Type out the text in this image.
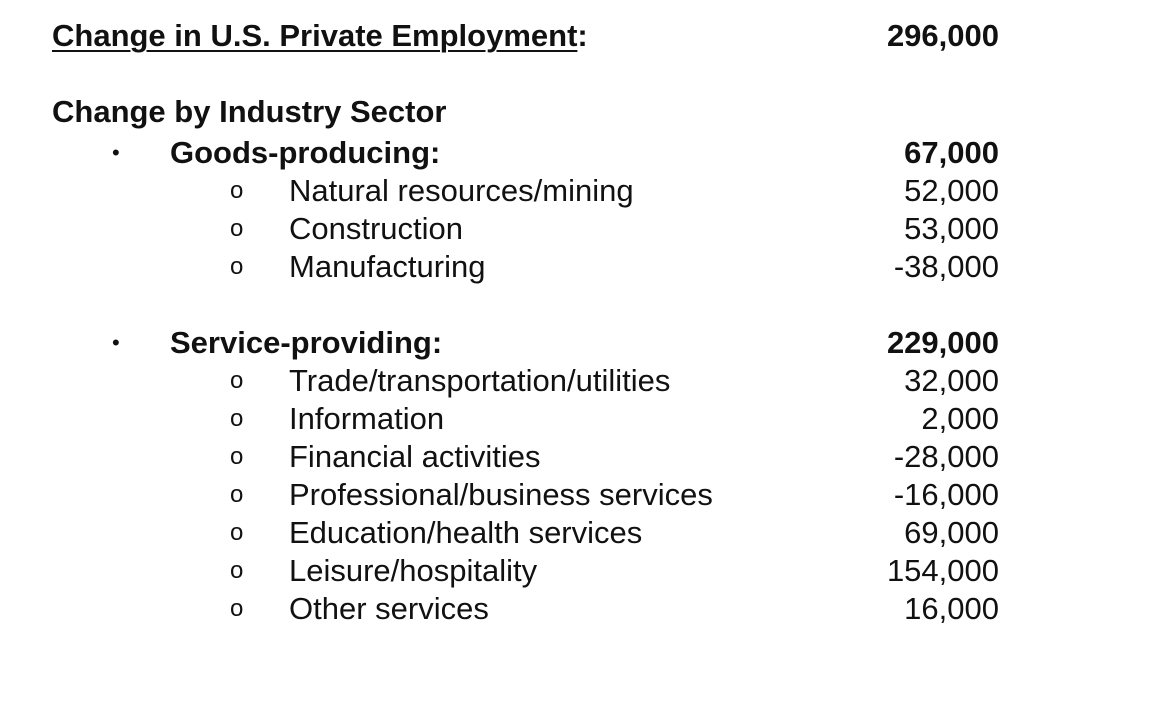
Change in U.S. Private Employment:	296,000
Change by Industry Sector
• Goods-producing:	67,000
o Natural resources/mining	52,000
o Construction	53,000
o Manufacturing	-38,000
• Service-providing:	229,000
o Trade/transportation/utilities	32,000
o Information	2,000
o Financial activities	-28,000
o Professional/business services	-16,000
o Education/health services	69,000
o Leisure/hospitality	154,000
o Other services	16,000
